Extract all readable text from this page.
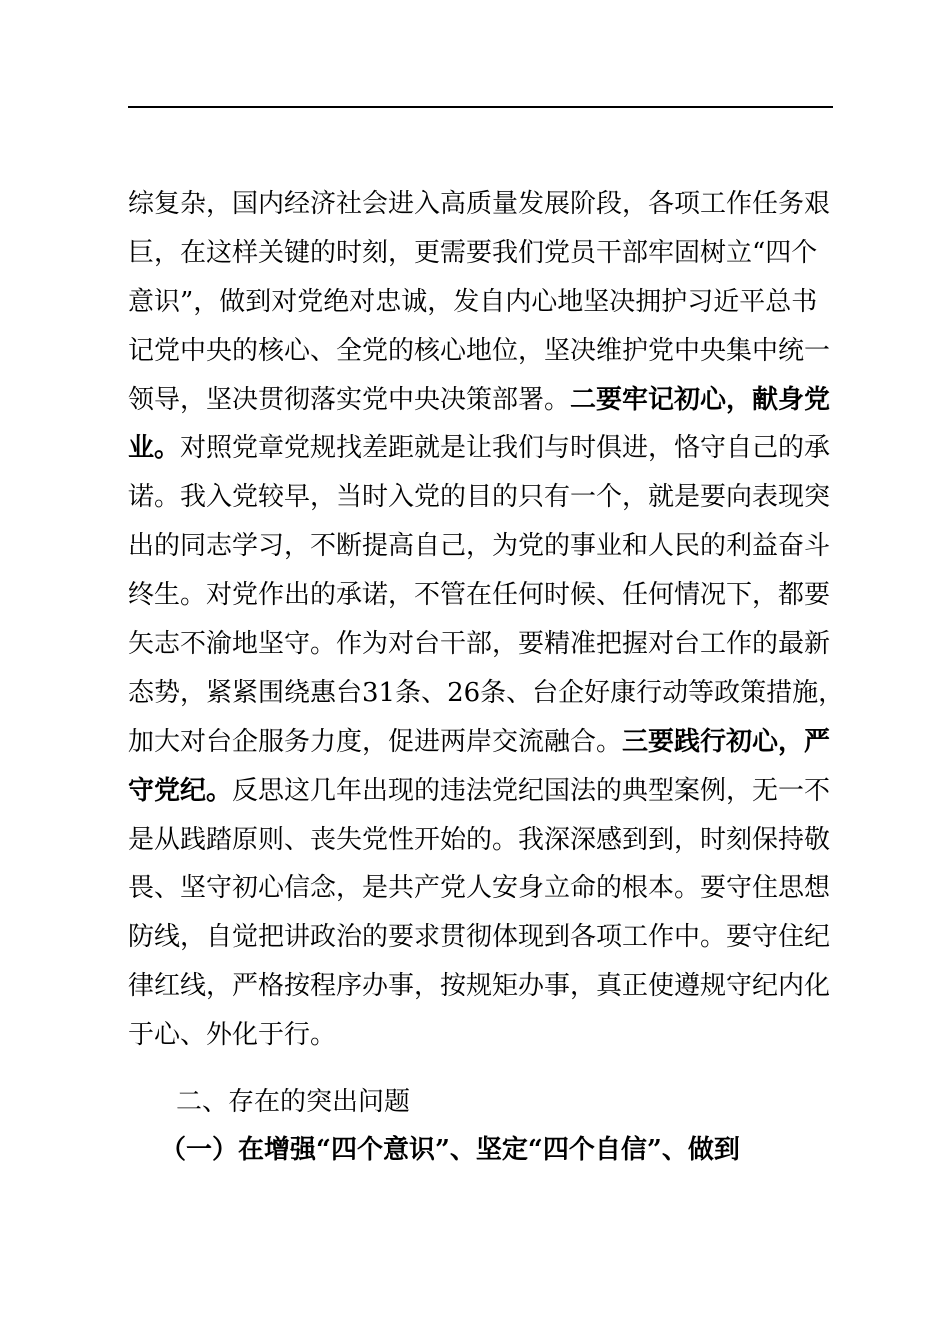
综复杂，国内经济社会进入高质量发展阶段，各项工作任务艰
巨，在这样关键的时刻，更需要我们党员干部牢固树立“四个
意识”，做到对党绝对忠诚，发自内心地坚决拥护习近平总书
记党中央的核心、全党的核心地位，坚决维护党中央集中统一
领导，坚决贯彻落实党中央决策部署。二要牢记初心，献身党
业。对照党章党规找差距就是让我们与时俱进，恪守自己的承
诺。我入党较早，当时入党的目的只有一个，就是要向表现突
出的同志学习，不断提高自己，为党的事业和人民的利益奋斗
终生。对党作出的承诺，不管在任何时候、任何情况下，都要
矢志不渝地坚守。作为对台干部，要精准把握对台工作的最新
态势，紧紧围绕惠台31条、26条、台企好康行动等政策措施，
加大对台企服务力度，促进两岸交流融合。三要践行初心，严
守党纪。反思这几年出现的违法党纪国法的典型案例，无一不
是从践踏原则、丧失党性开始的。我深深感到到，时刻保持敬
畏、坚守初心信念，是共产党人安身立命的根本。要守住思想
防线，自觉把讲政治的要求贯彻体现到各项工作中。要守住纪
律红线，严格按程序办事，按规矩办事，真正使遵规守纪内化
于心、外化于行。
二、存在的突出问题
（一）在增强“四个意识”、坚定“四个自信”、做到
